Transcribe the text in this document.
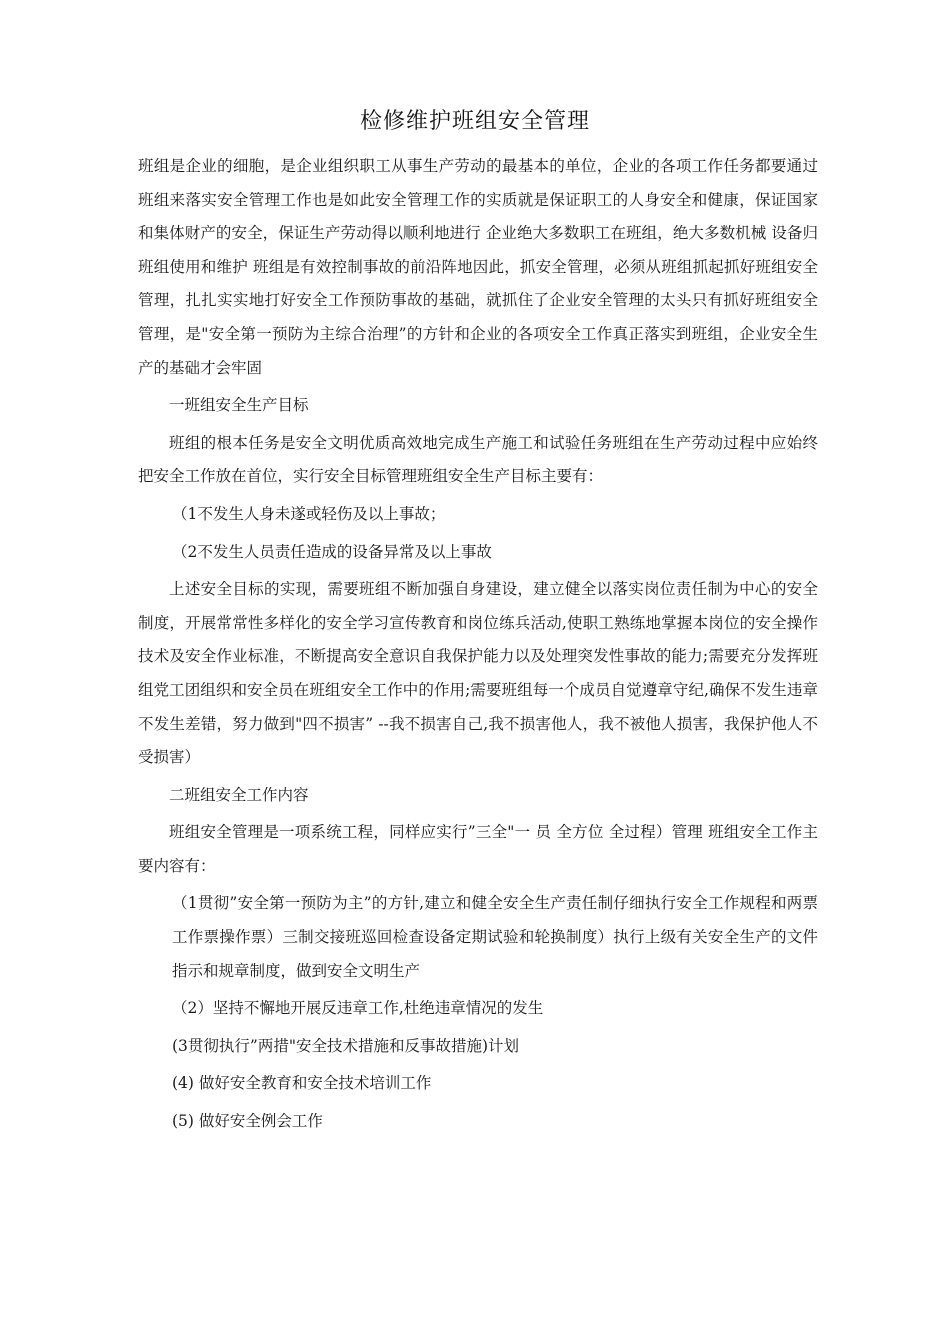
检修维护班组安全管理

班组是企业的细胞，是企业组织职工从事生产劳动的最基本的单位，企业的各项工作任务都要通过班组来落实安全管理工作也是如此安全管理工作的实质就是保证职工的人身安全和健康，保证国家和集体财产的安全，保证生产劳动得以顺利地进行 企业绝大多数职工在班组，绝大多数机械 设备归班组使用和维护 班组是有效控制事故的前沿阵地因此，抓安全管理，必须从班组抓起抓好班组安全管理，扎扎实实地打好安全工作预防事故的基础，就抓住了企业安全管理的太头只有抓好班组安全管理，是"安全第一预防为主综合治理”的方针和企业的各项安全工作真正落实到班组，企业安全生产的基础才会牢固

一班组安全生产目标

班组的根本任务是安全文明优质高效地完成生产施工和试验任务班组在生产劳动过程中应始终把安全工作放在首位，实行安全目标管理班组安全生产目标主要有：

（1不发生人身未遂或轻伤及以上事故；

（2不发生人员责任造成的设备异常及以上事故

上述安全目标的实现，需要班组不断加强自身建设，建立健全以落实岗位责任制为中心的安全制度，开展常常性多样化的安全学习宣传教育和岗位练兵活动,使职工熟练地掌握本岗位的安全操作技术及安全作业标准，不断提高安全意识自我保护能力以及处理突发性事故的能力;需要充分发挥班组党工团组织和安全员在班组安全工作中的作用;需要班组每一个成员自觉遵章守纪,确保不发生违章不发生差错，努力做到"四不损害” --我不损害自己,我不损害他人，我不被他人损害，我保护他人不受损害）

二班组安全工作内容

班组安全管理是一项系统工程，同样应实行”三全"一 员 全方位 全过程）管理 班组安全工作主要内容有：

（1贯彻”安全第一预防为主”的方针,建立和健全安全生产责任制仔细执行安全工作规程和两票工作票操作票）三制交接班巡回检查设备定期试验和轮换制度）执行上级有关安全生产的文件指示和规章制度，做到安全文明生产

（2）坚持不懈地开展反违章工作,杜绝违章情况的发生

(3贯彻执行”两措"安全技术措施和反事故措施)计划

(4) 做好安全教育和安全技术培训工作

(5) 做好安全例会工作
